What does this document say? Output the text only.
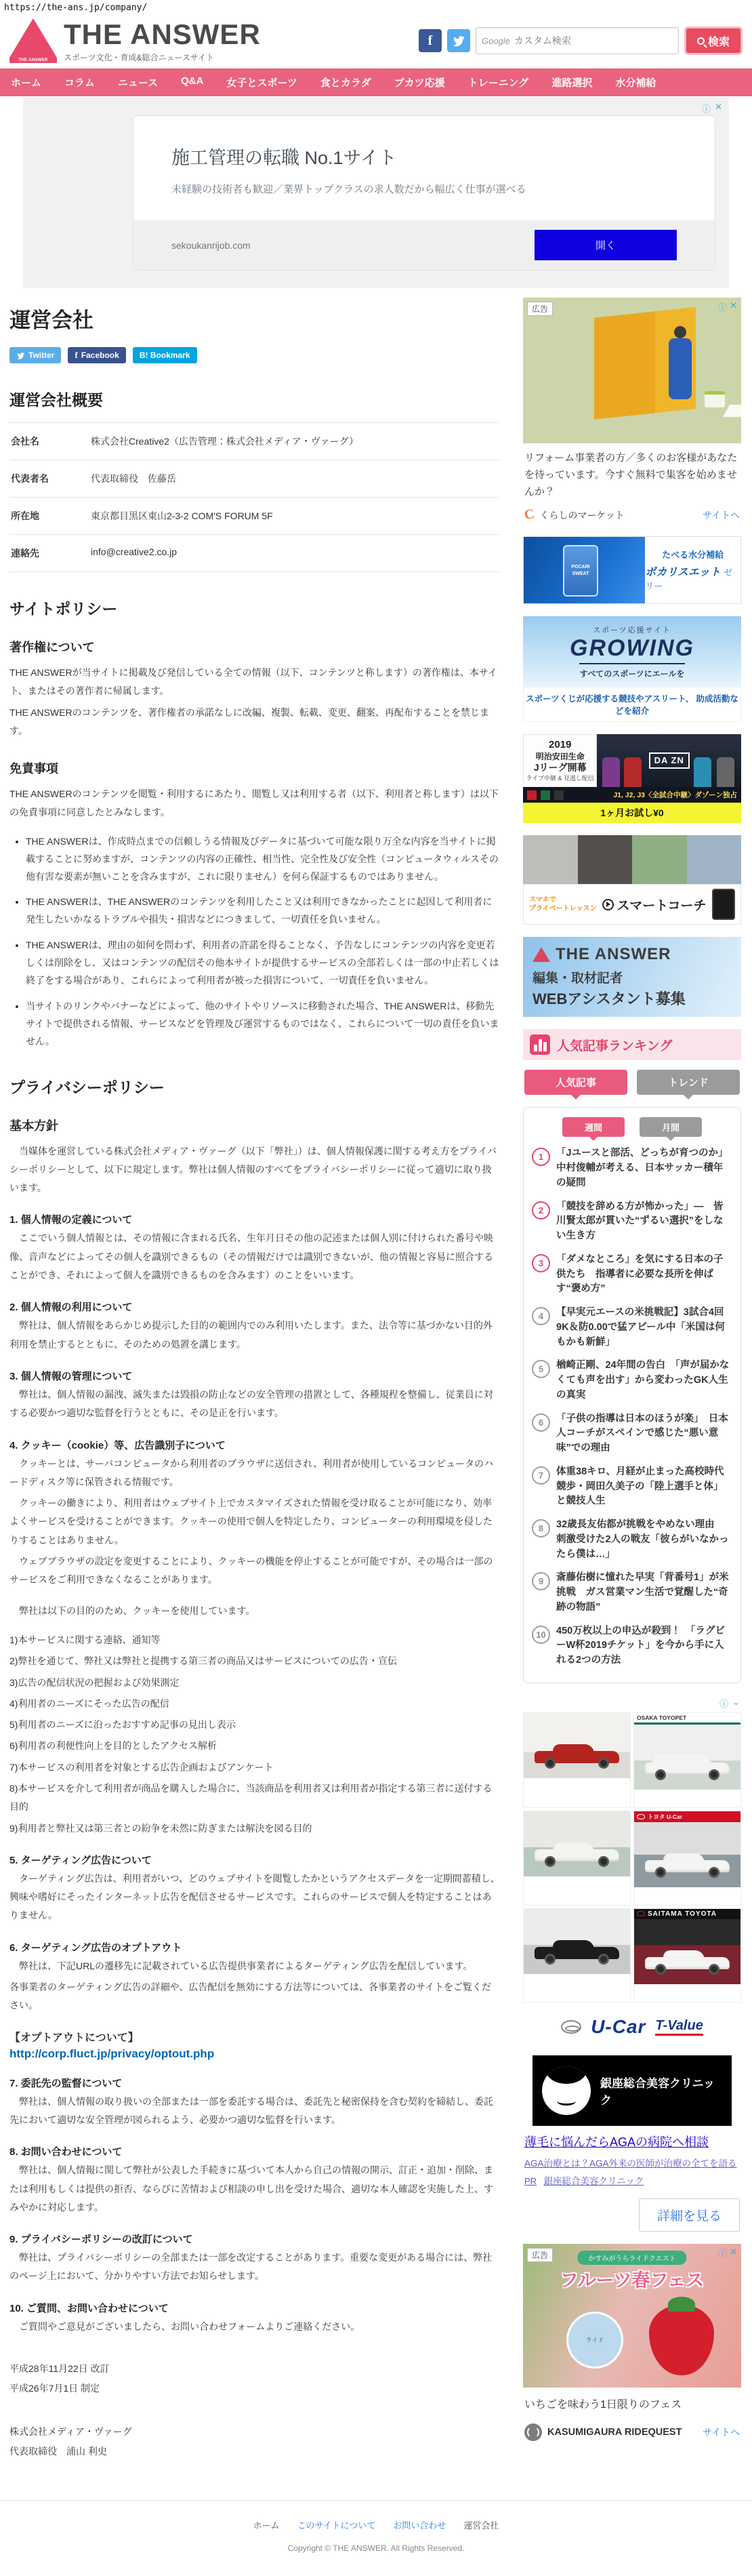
https://the-ans.jp/company/
THE ANSWER
THE ANSWER
スポーツ文化・育成&総合ニュースサイト
f	Google
カスタム検索	検索
ホーム コラム ニュース Q&A 女子とスポーツ 食とカラダ ブカツ応援 トレーニング 進路選択 水分補給
ⓘ ✕
施工管理の転職 No.1サイト
未経験の技術者も歓迎／業界トップクラスの求人数だから幅広く仕事が選べる
sekoukanrijob.com	開く
運営会社
Twitter f Facebook	B! Bookmark
運営会社概要
会社名	株式会社Creative2（広告管理：株式会社メディア・ヴァーグ）
代表者名	代表取締役　佐藤岳
所在地	東京都目黒区東山2-3-2 COM'S FORUM 5F
連絡先	info@creative2.co.jp
サイトポリシー
著作権について

THE ANSWERが当サイトに掲載及び発信している全ての情報（以下、コンテンツと称します）の著作権は、本サイト、またはその著作者に帰属します。

THE ANSWERのコンテンツを、著作権者の承諾なしに改編、複製、転載、変更、翻案、再配布することを禁じます。

免責事項

THE ANSWERのコンテンツを閲覧・利用するにあたり、閲覧し又は利用する者（以下、利用者と称します）は以下の免責事項に同意したとみなします。

• THE ANSWERは、作成時点までの信頼しうる情報及びデータに基づいて可能な限り万全な内容を当サイトに掲載することに努めますが、コンテンツの内容の正確性、相当性、完全性及び安全性（コンピュータウィルスその他有害な要素が無いことを含みますが、これに限りません）を何ら保証するものではありません。
• THE ANSWERは、THE ANSWERのコンテンツを利用したこと又は利用できなかったことに起因して利用者に発生したいかなるトラブルや損失・損害などにつきまして、一切責任を負いません。
• THE ANSWERは、理由の如何を問わず、利用者の許諾を得ることなく、予告なしにコンテンツの内容を変更若しくは削除をし、又はコンテンツの配信その他本サイトが提供するサービスの全部若しくは一部の中止若しくは終了をする場合があり、これらによって利用者が被った損害について、一切責任を負いません。
• 当サイトのリンクやバナーなどによって、他のサイトやリソースに移動された場合、THE ANSWERは、移動先サイトで提供される情報、サービスなどを管理及び運営するものではなく、これらについて一切の責任を負いません。
プライバシーポリシー
基本方針

　当媒体を運営している株式会社メディア・ヴァーグ（以下「弊社」）は、個人情報保護に関する考え方をプライバシーポリシーとして、以下に規定します。弊社は個人情報のすべてをプライバシーポリシーに従って適切に取り扱います。

1. 個人情報の定義について

　ここでいう個人情報とは、その情報に含まれる氏名、生年月日その他の記述または個人別に付けられた番号や映像、音声などによってその個人を識別できるもの（その情報だけでは識別できないが、他の情報と容易に照合することができ、それによって個人を識別できるものを含みます）のことをいいます。

2. 個人情報の利用について

　弊社は、個人情報をあらかじめ提示した目的の範囲内でのみ利用いたします。また、法令等に基づかない目的外利用を禁止するとともに、そのための処置を講じます。

3. 個人情報の管理について

　弊社は、個人情報の漏洩、滅失または毀損の防止などの安全管理の措置として、各種規程を整備し、従業員に対する必要かつ適切な監督を行うとともに、その是正を行います。

4. クッキー（cookie）等、広告識別子について

　クッキーとは、サーバコンピュータから利用者のブラウザに送信され、利用者が使用しているコンピュータのハードディスク等に保管される情報です。

　クッキーの働きにより、利用者はウェブサイト上でカスタマイズされた情報を受け取ることが可能になり、効率よくサービスを受けることができます。クッキーの使用で個人を特定したり、コンピューターの利用環境を侵したりすることはありません。

　ウェブブラウザの設定を変更することにより、クッキーの機能を停止することが可能ですが、その場合は一部のサービスをご利用できなくなることがあります。

　弊社は以下の目的のため、クッキーを使用しています。

1)本サービスに関する連絡、通知等

2)弊社を通じて、弊社又は弊社と提携する第三者の商品又はサービスについての広告・宣伝

3)広告の配信状況の把握および効果測定

4)利用者のニーズにそった広告の配信

5)利用者のニーズに沿ったおすすめ記事の見出し表示

6)利用者の利便性向上を目的としたアクセス解析

7)本サービスの利用者を対象とする広告企画およびアンケート

8)本サービスを介して利用者が商品を購入した場合に、当該商品を利用者又は利用者が指定する第三者に送付する目的

9)利用者と弊社又は第三者との紛争を未然に防ぎまたは解決を図る目的

5. ターゲティング広告について

　ターゲティング広告は、利用者がいつ、どのウェブサイトを閲覧したかというアクセスデータを一定期間蓄積し、興味や嗜好にそったインターネット広告を配信させるサービスです。これらのサービスで個人を特定することはありません。

6. ターゲティング広告のオプトアウト

　弊社は、下記URLの遷移先に記載されている広告提供事業者によるターゲティング広告を配信しています。

各事業者のターゲティング広告の詳細や、広告配信を無効にする方法等については、各事業者のサイトをご覧ください。

【オプトアウトについて】

http://corp.fluct.jp/privacy/optout.php
7. 委託先の監督について

　弊社は、個人情報の取り扱いの全部または一部を委託する場合は、委託先と秘密保持を含む契約を締結し、委託先において適切な安全管理が図られるよう、必要かつ適切な監督を行います。

8. お問い合わせについて

　弊社は、個人情報に関して弊社が公表した手続きに基づいて本人から自己の情報の開示、訂正・追加・削除、または利用もしくは提供の拒否、ならびに苦情および相談の申し出を受けた場合、適切な本人確認を実施した上、すみやかに対応します。

9. プライバシーポリシーの改訂について

　弊社は、プライバシーポリシーの全部または一部を改定することがあります。重要な変更がある場合には、弊社のページ上において、分かりやすい方法でお知らせします。

10. ご質問、お問い合わせについて

　ご質問やご意見がございましたら、お問い合わせフォームよりご連絡ください。

平成28年11月22日 改訂

平成26年7月1日 制定

株式会社メディア・ヴァーグ

代表取締役　浦山 利史

広告	ⓘ ✕

リフォーム事業者の方／多くのお客様があなたを待っています。今すぐ無料で集客を始めませんか？

C くらしのマーケット	サイトへ
POCARI SWEAT
たべる水分補給
ポカリスエット ゼリー
スポーツ応援サイト
GROWING
すべてのスポーツにエールを
スポーツくじが応援する競技やアスリート、 助成活動などを紹介
2019
明治安田生命
Jリーグ開幕
ライブ中継 & 見逃し配信
DA ZN
J1, J2, J3〈全試合中継〉ダゾーン独占
1ヶ月お試し¥0
スマホで
プライベートレッスン スマートコーチ
THE ANSWER
編集・取材記者
WEBアシスタント募集
人気記事ランキング
人気記事	トレンド
週間	月間
1	「Jユースと部活、どっちが育つのか」　中村俊輔が考える、日本サッカー積年の疑問

2	「競技を辞める方が怖かった」―　皆川賢太郎が貫いた“ずるい選択”をしない生き方

3	「ダメなところ」を気にする日本の子供たち　指導者に必要な長所を伸ばす“褒め方”

4	【早実元エースの米挑戦記】3試合4回9K＆防0.00で猛アピール中「米国は何もかも新鮮」

5	楢崎正剛、24年間の告白　「声が届かなくても声を出す」から変わったGK人生の真実

6	「子供の指導は日本のほうが楽」　日本人コーチがスペインで感じた“悪い意味”での理由

7	体重38キロ、月経が止まった高校時代　競歩・岡田久美子の「陸上選手と体」と競技人生

8	32歳長友佑都が挑戦をやめない理由　刺激受けた2人の戦友「彼らがいなかったら僕は…」

9	斎藤佑樹に憧れた早実「背番号1」が米挑戦　ガス営業マン生活で覚醒した“奇跡の物語”

10	450万枚以上の申込が殺到！　「ラグビーW杯2019チケット」を今から手に入れる2つの方法

ⓘ ⌄
OSAKA TOYOPET
トヨタ U-Car
SAITAMA TOYOTA
U-Car T-Value
銀座総合美容クリニック
薄毛に悩んだらAGAの病院へ相談
AGA治療とは？AGA外来の医師が治療の全てを語る
PR 銀座総合美容クリニック
詳細を見る
広告	ⓘ ✕
かすみがうらライドクエスト
フルーツ春フェス
ライド

いちごを味わう1日限りのフェス

KASUMIGAURA RIDEQUEST サイトへ
ホーム このサイトについて お問い合わせ 運営会社
Copyright © THE ANSWER. All Rights Reserved.
